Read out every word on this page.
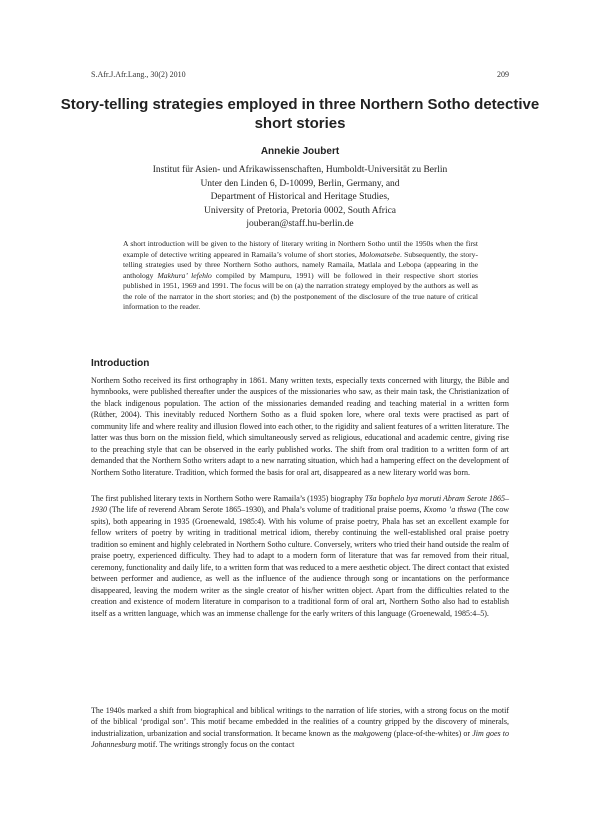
S.Afr.J.Afr.Lang., 30(2) 2010	209
Story-telling strategies employed in three Northern Sotho detective short stories
Annekie Joubert
Institut für Asien- und Afrikawissenschaften, Humboldt-Universität zu Berlin
Unter den Linden 6, D-10099, Berlin, Germany, and
Department of Historical and Heritage Studies,
University of Pretoria, Pretoria 0002, South Africa
jouberan@staff.hu-berlin.de
A short introduction will be given to the history of literary writing in Northern Sotho until the 1950s when the first example of detective writing appeared in Ramaila’s volume of short stories, Molomatsebe. Subsequently, the story-telling strategies used by three Northern Sotho authors, namely Ramaila, Matlala and Lebopa (appearing in the anthology Makhura’ lefehlo compiled by Mampuru, 1991) will be followed in their respective short stories published in 1951, 1969 and 1991. The focus will be on (a) the narration strategy employed by the authors as well as the role of the narrator in the short stories; and (b) the postponement of the disclosure of the true nature of critical information to the reader.
Introduction
Northern Sotho received its first orthography in 1861. Many written texts, especially texts concerned with liturgy, the Bible and hymnbooks, were published thereafter under the auspices of the missionaries who saw, as their main task, the Christianization of the black indigenous population. The action of the missionaries demanded reading and teaching material in a written form (Rüther, 2004). This inevitably reduced Northern Sotho as a fluid spoken lore, where oral texts were practised as part of community life and where reality and illusion flowed into each other, to the rigidity and salient features of a written literature. The latter was thus born on the mission field, which simultaneously served as religious, educational and academic centre, giving rise to the preaching style that can be observed in the early published works. The shift from oral tradition to a written form of art demanded that the Northern Sotho writers adapt to a new narrating situation, which had a hampering effect on the development of Northern Sotho literature. Tradition, which formed the basis for oral art, disappeared as a new literary world was born.
The first published literary texts in Northern Sotho were Ramaila’s (1935) biography Tša bophelo bya moruti Abram Serote 1865–1930 (The life of reverend Abram Serote 1865–1930), and Phala’s volume of traditional praise poems, Kxomo ’a thswa (The cow spits), both appearing in 1935 (Groenewald, 1985:4). With his volume of praise poetry, Phala has set an excellent example for fellow writers of poetry by writing in traditional metrical idiom, thereby continuing the well-established oral praise poetry tradition so eminent and highly celebrated in Northern Sotho culture. Conversely, writers who tried their hand outside the realm of praise poetry, experienced difficulty. They had to adapt to a modern form of literature that was far removed from their ritual, ceremony, functionality and daily life, to a written form that was reduced to a mere aesthetic object. The direct contact that existed between performer and audience, as well as the influence of the audience through song or incantations on the performance disappeared, leaving the modern writer as the single creator of his/her written object. Apart from the difficulties related to the creation and existence of modern literature in comparison to a traditional form of oral art, Northern Sotho also had to establish itself as a written language, which was an immense challenge for the early writers of this language (Groenewald, 1985:4–5).
The 1940s marked a shift from biographical and biblical writings to the narration of life stories, with a strong focus on the motif of the biblical ‘prodigal son’. This motif became embedded in the realities of a country gripped by the discovery of minerals, industrialization, urbanization and social transformation. It became known as the makgoweng (place-of-the-whites) or Jim goes to Johannesburg motif. The writings strongly focus on the contact
